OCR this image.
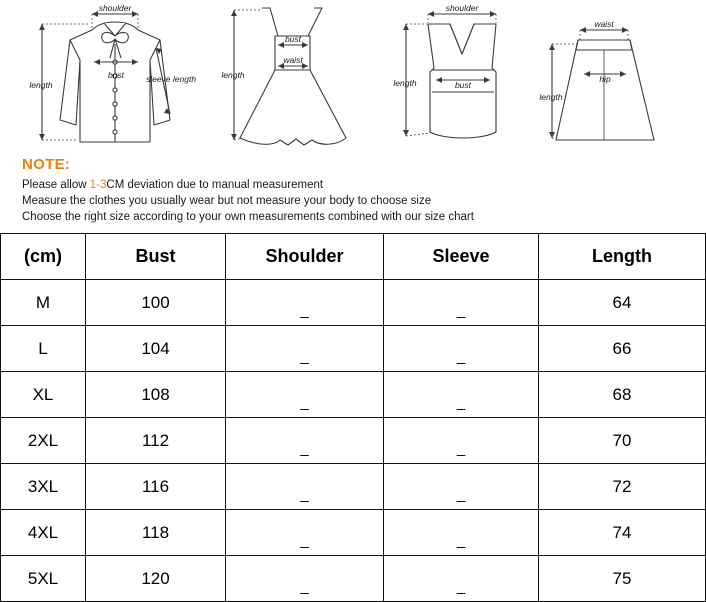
shoulder
bust	sleeve length
length
bust
waist
length
shoulder
bust
length
waist
hip
length
NOTE:
Please allow 1-3CM deviation due to manual measurement
Measure the clothes you usually wear but not measure your body to choose size
Choose the right size according to your own measurements combined with our size chart
(cm)	Bust	Shoulder	Sleeve	Length
M	100	_	_	64
L	104	_	_	66
XL	108	_	_	68
2XL	112	_	_	70
3XL	116	_	_	72
4XL	118	_	_	74
5XL	120	_	_	75
